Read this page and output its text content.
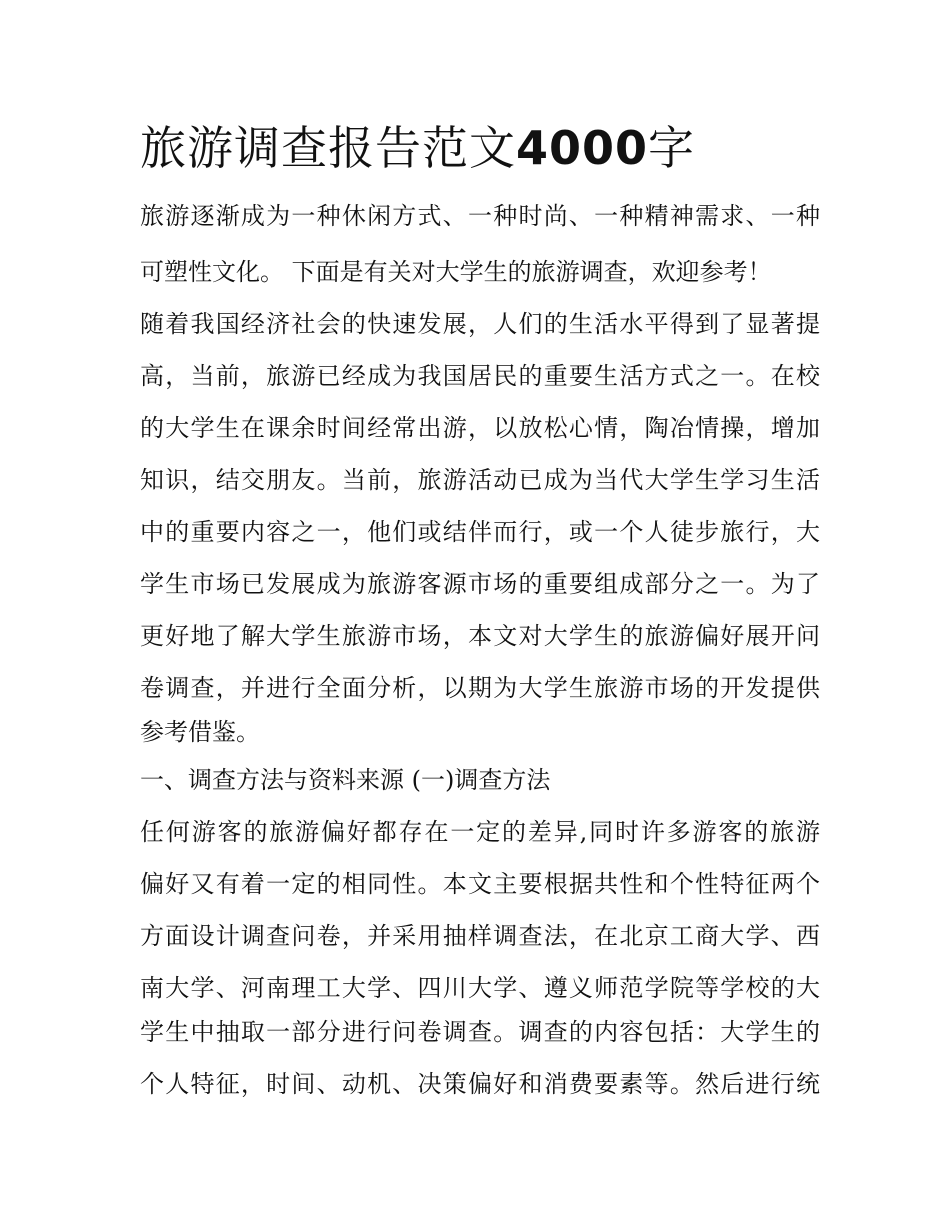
旅游调查报告范文4000字

旅游逐渐成为一种休闲方式、一种时尚、一种精神需求、一种

可塑性文化。 下面是有关对大学生的旅游调查，欢迎参考！

随着我国经济社会的快速发展，人们的生活水平得到了显著提

高，当前，旅游已经成为我国居民的重要生活方式之一。在校

的大学生在课余时间经常出游，以放松心情，陶冶情操，增加

知识，结交朋友。当前，旅游活动已成为当代大学生学习生活

中的重要内容之一，他们或结伴而行，或一个人徒步旅行，大

学生市场已发展成为旅游客源市场的重要组成部分之一。为了

更好地了解大学生旅游市场，本文对大学生的旅游偏好展开问

卷调查，并进行全面分析，以期为大学生旅游市场的开发提供

参考借鉴。

一、调查方法与资料来源 (一)调查方法

任何游客的旅游偏好都存在一定的差异,同时许多游客的旅游

偏好又有着一定的相同性。本文主要根据共性和个性特征两个

方面设计调查问卷，并采用抽样调查法，在北京工商大学、西

南大学、河南理工大学、四川大学、遵义师范学院等学校的大

学生中抽取一部分进行问卷调查。调查的内容包括：大学生的

个人特征，时间、动机、决策偏好和消费要素等。然后进行统
